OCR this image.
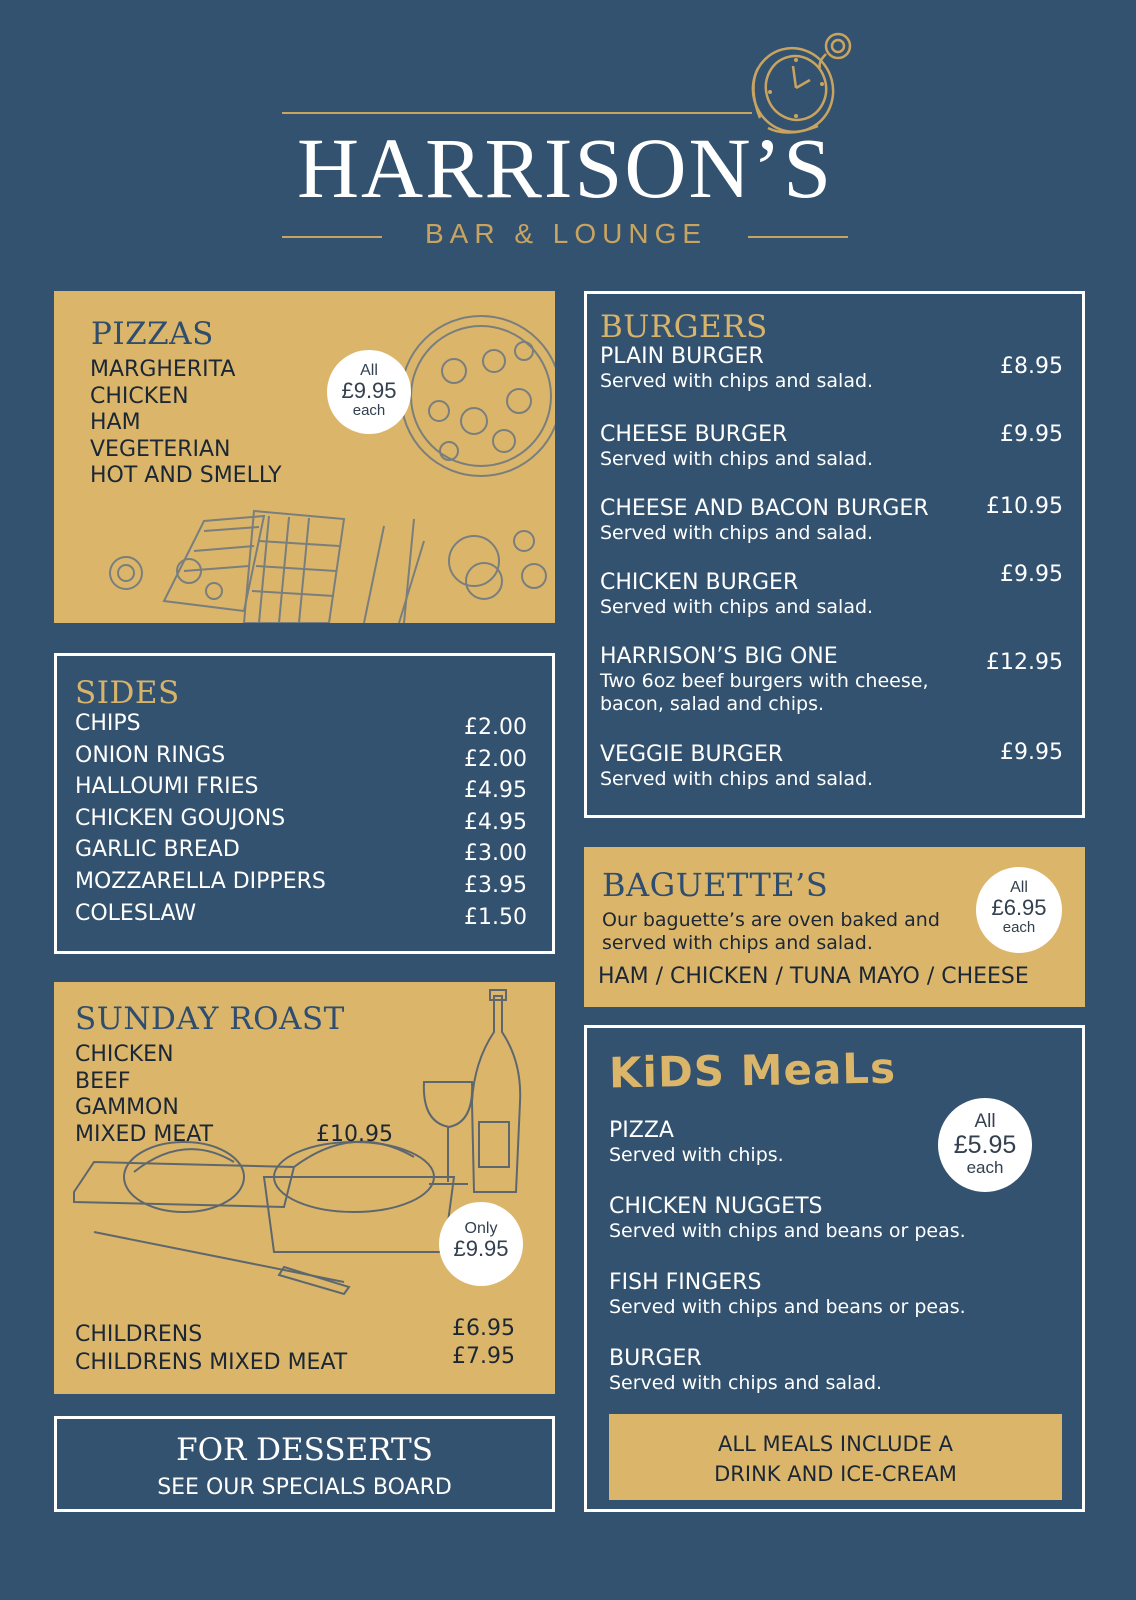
HARRISON’S
BAR & LOUNGE
PIZZAS
MARGHERITA
CHICKEN
HAM
VEGETERIAN
HOT AND SMELLY
All
£9.95
each
SIDES
CHIPS	£2.00
ONION RINGS	£2.00
HALLOUMI FRIES	£4.95
CHICKEN GOUJONS	£4.95
GARLIC BREAD	£3.00
MOZZARELLA DIPPERS	£3.95
COLESLAW	£1.50
SUNDAY ROAST
CHICKEN
BEEF
GAMMON
MIXED MEAT	£10.95
Only
£9.95
CHILDRENS	£6.95
CHILDRENS MIXED MEAT	£7.95
FOR DESSERTS
SEE OUR SPECIALS BOARD
BURGERS
PLAIN BURGER
Served with chips and salad.
£8.95
CHEESE BURGER
Served with chips and salad.
£9.95
CHEESE AND BACON BURGER
Served with chips and salad.
£10.95
CHICKEN BURGER
Served with chips and salad.
£9.95
HARRISON’S BIG ONE
Two 6oz beef burgers with cheese, bacon, salad and chips.
£12.95
VEGGIE BURGER
Served with chips and salad.
£9.95
BAGUETTE’S
Our baguette’s are oven baked and served with chips and salad.
HAM / CHICKEN / TUNA MAYO / CHEESE
All
£6.95
each
KiDS MeaLs
All
£5.95
each
PIZZA
Served with chips.
CHICKEN NUGGETS
Served with chips and beans or peas.
FISH FINGERS
Served with chips and beans or peas.
BURGER
Served with chips and salad.
ALL MEALS INCLUDE A
DRINK AND ICE-CREAM
